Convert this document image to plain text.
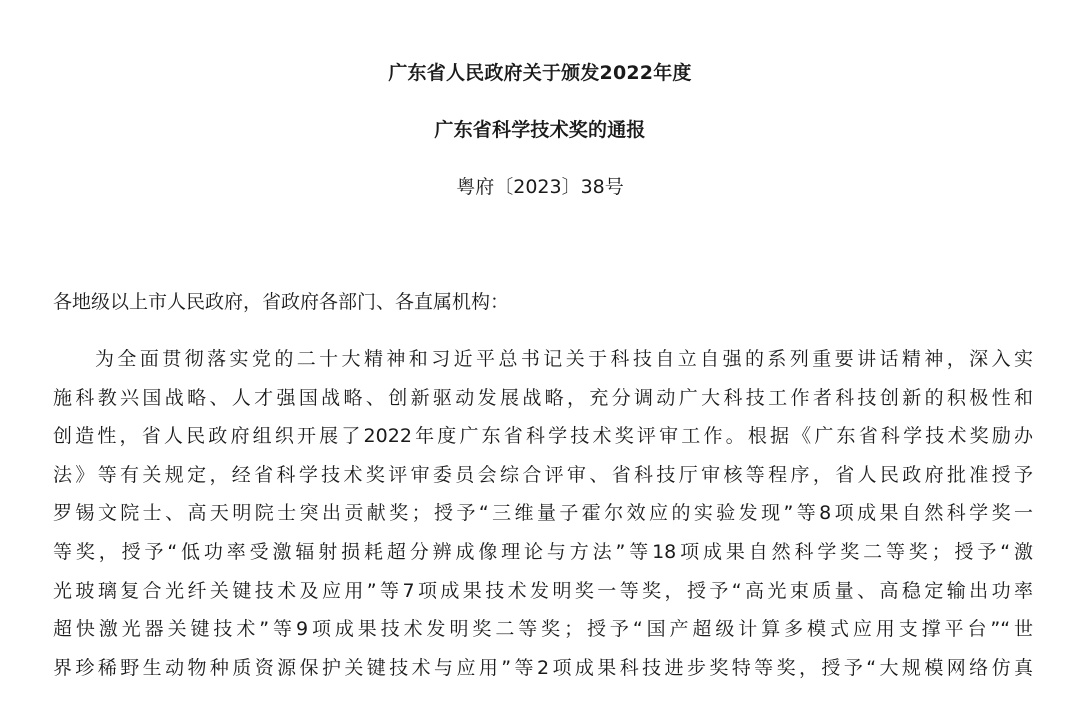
广东省人民政府关于颁发2022年度
广东省科学技术奖的通报
粤府〔2023〕38号
各地级以上市人民政府，省政府各部门、各直属机构：
为全面贯彻落实党的二十大精神和习近平总书记关于科技自立自强的系列重要讲话精神，深入实
施科教兴国战略、人才强国战略、创新驱动发展战略，充分调动广大科技工作者科技创新的积极性和
创造性，省人民政府组织开展了2022年度广东省科学技术奖评审工作。根据《广东省科学技术奖励办
法》等有关规定，经省科学技术奖评审委员会综合评审、省科技厅审核等程序，省人民政府批准授予
罗锡文院士、高天明院士突出贡献奖；授予“三维量子霍尔效应的实验发现”等8项成果自然科学奖一
等奖，授予“低功率受激辐射损耗超分辨成像理论与方法”等18项成果自然科学奖二等奖；授予“激
光玻璃复合光纤关键技术及应用”等7项成果技术发明奖一等奖，授予“高光束质量、高稳定输出功率
超快激光器关键技术”等9项成果技术发明奖二等奖；授予“国产超级计算多模式应用支撑平台”“世
界珍稀野生动物种质资源保护关键技术与应用”等2项成果科技进步奖特等奖，授予“大规模网络仿真
